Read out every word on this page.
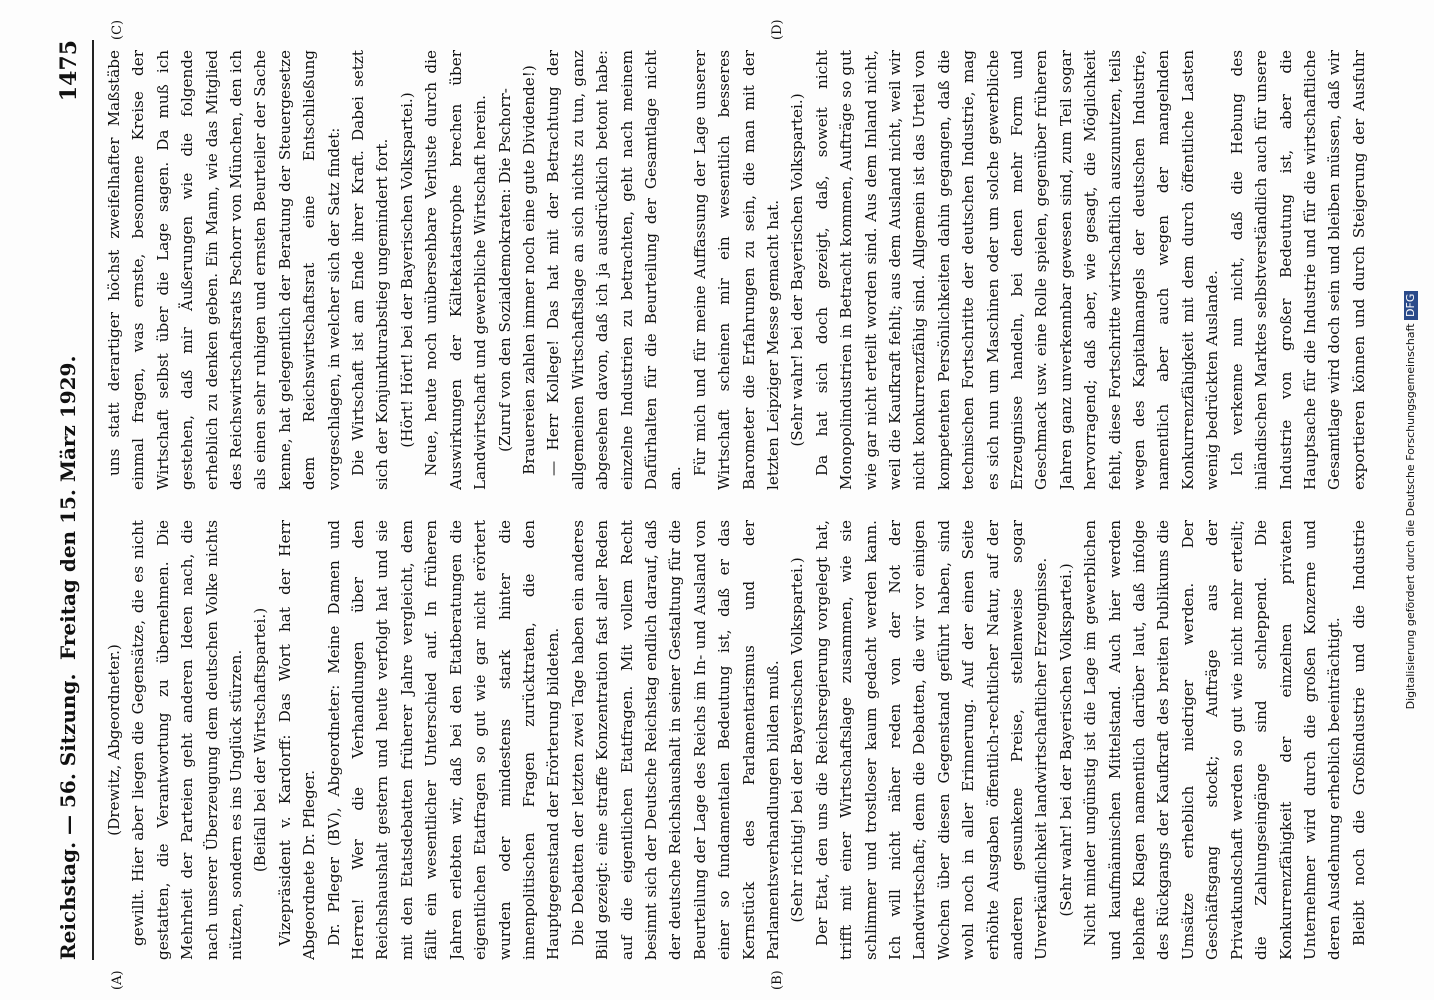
Reichstag. — 56. Sitzung.
Freitag den 15. März 1929.
1475
(A)	(B)
(C)	(D)

(Drewitz, Abgeordneter.) gewillt. Hier aber liegen die Gegensätze, die es nicht gestatten, die Verantwortung zu übernehmen. Die Mehrheit der Parteien geht anderen Ideen nach, die nach unserer Überzeugung dem deutschen Volke nichts nützen, sondern es ins Unglück stürzen. (Beifall bei der Wirtschaftspartei.) Vizepräsident v. Kardorff: Das Wort hat der Herr Abgeordnete Dr. Pfleger. Dr. Pfleger (BV), Abgeordneter: Meine Damen und Herren! Wer die Verhandlungen über den Reichshaushalt gestern und heute verfolgt hat und sie mit den Etatsdebatten früherer Jahre vergleicht, dem fällt ein wesentlicher Unterschied auf. In früheren Jahren erlebten wir, daß bei den Etatberatungen die eigentlichen Etatfragen so gut wie gar nicht erörtert wurden oder mindestens stark hinter die innenpolitischen Fragen zurücktraten, die den Hauptgegenstand der Erörterung bildeten. Die Debatten der letzten zwei Tage haben ein anderes Bild gezeigt: eine straffe Konzentration fast aller Reden auf die eigentlichen Etatfragen. Mit vollem Recht besinnt sich der Deutsche Reichstag endlich darauf, daß der deutsche Reichshaushalt in seiner Gestaltung für die Beurteilung der Lage des Reichs im In- und Ausland von einer so fundamentalen Bedeutung ist, daß er das Kernstück des Parlamentarismus und der Parlamentsverhandlungen bilden muß. (Sehr richtig! bei der Bayerischen Volkspartei.) Der Etat, den uns die Reichsregierung vorgelegt hat, trifft mit einer Wirtschaftslage zusammen, wie sie schlimmer und trostloser kaum gedacht werden kann. Ich will nicht näher reden von der Not der Landwirtschaft; denn die Debatten, die wir vor einigen Wochen über diesen Gegenstand geführt haben, sind wohl noch in aller Erinnerung. Auf der einen Seite erhöhte Ausgaben öffentlich-rechtlicher Natur, auf der anderen gesunkene Preise, stellenweise sogar Unverkäuflichkeit landwirtschaftlicher Erzeugnisse. (Sehr wahr! bei der Bayerischen Volkspartei.) Nicht minder ungünstig ist die Lage im gewerblichen und kaufmännischen Mittelstand. Auch hier werden lebhafte Klagen namentlich darüber laut, daß infolge des Rückgangs der Kaufkraft des breiten Publikums die Umsätze erheblich niedriger werden. Der Geschäftsgang stockt; Aufträge aus der Privatkundschaft werden so gut wie nicht mehr erteilt; die Zahlungseingänge sind schleppend. Die Konkurrenzfähigkeit der einzelnen privaten Unternehmer wird durch die großen Konzerne und deren Ausdehnung erheblich beeinträchtigt. Bleibt noch die Großindustrie und die Industrie

uns statt derartiger höchst zweifelhafter Maßstäbe einmal fragen, was ernste, besonnene Kreise der Wirtschaft selbst über die Lage sagen. Da muß ich gestehen, daß mir Äußerungen wie die folgende erheblich zu denken geben. Ein Mann, wie das Mitglied des Reichswirtschaftsrats Pschorr von München, den ich als einen sehr ruhigen und ernsten Beurteiler der Sache kenne, hat gelegentlich der Beratung der Steuergesetze dem Reichswirtschaftsrat eine Entschließung vorgeschlagen, in welcher sich der Satz findet: Die Wirtschaft ist am Ende ihrer Kraft. Dabei setzt sich der Konjunkturabstieg ungemindert fort. (Hört! Hört! bei der Bayerischen Volkspartei.) Neue, heute noch unübersehbare Verluste durch die Auswirkungen der Kältekatastrophe brechen über Landwirtschaft und gewerbliche Wirtschaft herein. (Zuruf von den Sozialdemokraten: Die Pschorr-Brauereien zahlen immer noch eine gute Dividende!) — Herr Kollege! Das hat mit der Betrachtung der allgemeinen Wirtschaftslage an sich nichts zu tun, ganz abgesehen davon, daß ich ja ausdrücklich betont habe: einzelne Industrien zu betrachten, geht nach meinem Dafürhalten für die Beurteilung der Gesamtlage nicht an.

Für mich und für meine Auffassung der Lage unserer Wirtschaft scheinen mir ein wesentlich besseres Barometer die Erfahrungen zu sein, die man mit der letzten Leipziger Messe gemacht hat. (Sehr wahr! bei der Bayerischen Volkspartei.) Da hat sich doch gezeigt, daß, soweit nicht Monopolindustrien in Betracht kommen, Aufträge so gut wie gar nicht erteilt worden sind. Aus dem Inland nicht, weil die Kaufkraft fehlt; aus dem Ausland nicht, weil wir nicht konkurrenzfähig sind. Allgemein ist das Urteil von kompetenten Persönlichkeiten dahin gegangen, daß die technischen Fortschritte der deutschen Industrie, mag es sich nun um Maschinen oder um solche gewerbliche Erzeugnisse handeln, bei denen mehr Form und Geschmack usw. eine Rolle spielen, gegenüber früheren Jahren ganz unverkennbar gewesen sind, zum Teil sogar hervorragend; daß aber, wie gesagt, die Möglichkeit fehlt, diese Fortschritte wirtschaftlich auszunutzen, teils wegen des Kapitalmangels der deutschen Industrie, namentlich aber auch wegen der mangelnden Konkurrenzfähigkeit mit dem durch öffentliche Lasten wenig bedrückten Auslande. Ich verkenne nun nicht, daß die Hebung des inländischen Marktes selbstverständlich auch für unsere Industrie von großer Bedeutung ist, aber die Hauptsache für die Industrie und für die wirtschaftliche Gesamtlage wird doch sein und bleiben müssen, daß wir exportieren können und durch Steigerung der Ausfuhr

Digitalisierung gefördert durch die Deutsche Forschungsgemeinschaft DFG
